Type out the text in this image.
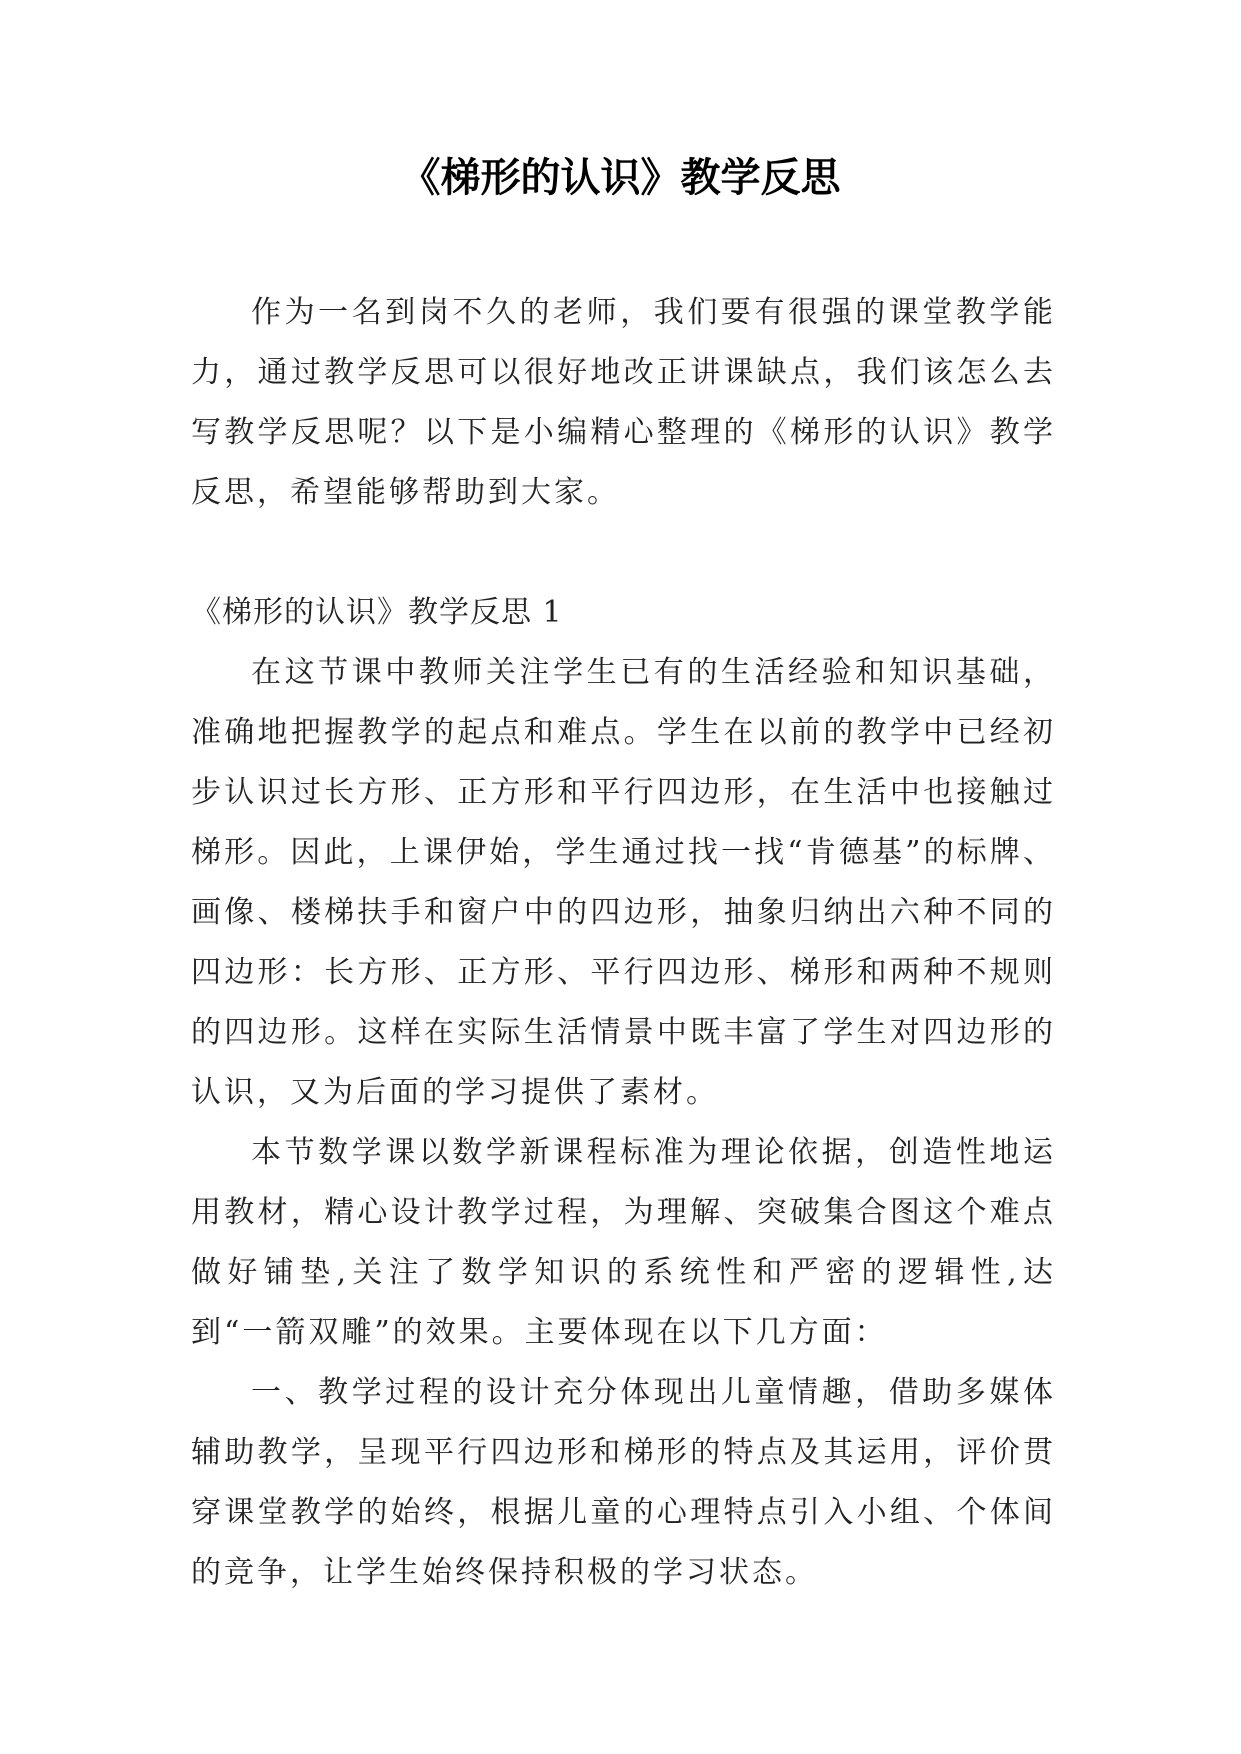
《梯形的认识》教学反思

作为一名到岗不久的老师，我们要有很强的课堂教学能力，通过教学反思可以很好地改正讲课缺点，我们该怎么去写教学反思呢？以下是小编精心整理的《梯形的认识》教学反思，希望能够帮助到大家。

《梯形的认识》教学反思 1

在这节课中教师关注学生已有的生活经验和知识基础，准确地把握教学的起点和难点。学生在以前的教学中已经初步认识过长方形、正方形和平行四边形，在生活中也接触过梯形。因此，上课伊始，学生通过找一找“肯德基”的标牌、画像、楼梯扶手和窗户中的四边形，抽象归纳出六种不同的四边形：长方形、正方形、平行四边形、梯形和两种不规则的四边形。这样在实际生活情景中既丰富了学生对四边形的认识，又为后面的学习提供了素材。

本节数学课以数学新课程标准为理论依据，创造性地运用教材，精心设计教学过程，为理解、突破集合图这个难点做好铺垫,关注了数学知识的系统性和严密的逻辑性,达到“一箭双雕”的效果。主要体现在以下几方面：

一、教学过程的设计充分体现出儿童情趣，借助多媒体辅助教学，呈现平行四边形和梯形的特点及其运用，评价贯穿课堂教学的始终，根据儿童的心理特点引入小组、个体间的竞争，让学生始终保持积极的学习状态。
